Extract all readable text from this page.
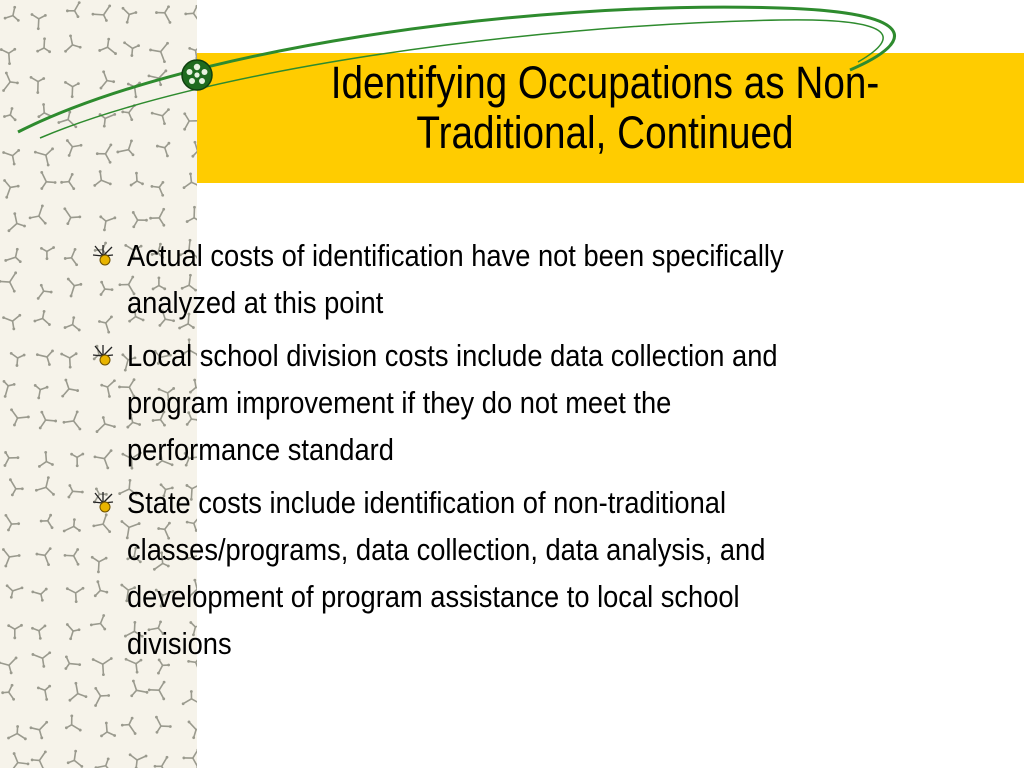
Identifying Occupations as Non-
Traditional, Continued
Actual costs of identification have not been specifically
analyzed at this point
Local school division costs include data collection and
program improvement if they do not meet the
performance standard
State costs include identification of non-traditional
classes/programs, data collection, data analysis, and
development of program assistance to local school
divisions
